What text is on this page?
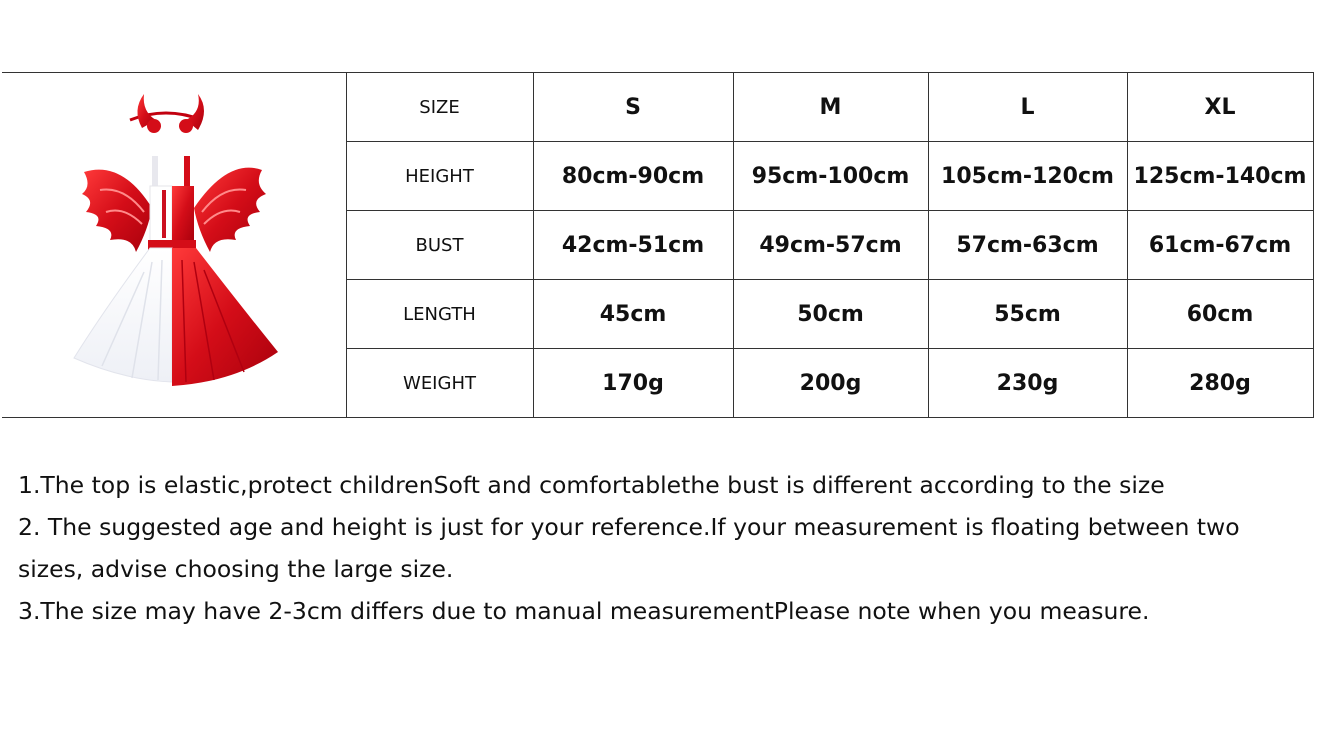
	SIZE	S	M	L	XL
	HEIGHT	80cm-90cm	95cm-100cm	105cm-120cm	125cm-140cm
	BUST	42cm-51cm	49cm-57cm	57cm-63cm	61cm-67cm
	LENGTH	45cm	50cm	55cm	60cm
	WEIGHT	170g	200g	230g	280g

1.The top is elastic,protect childrenSoft and comfortablethe bust is different according to the size

2. The suggested age and height is just for your reference.If your measurement is floating between two sizes, advise choosing the large size.

3.The size may have 2-3cm differs due to manual measurementPlease note when you measure.
